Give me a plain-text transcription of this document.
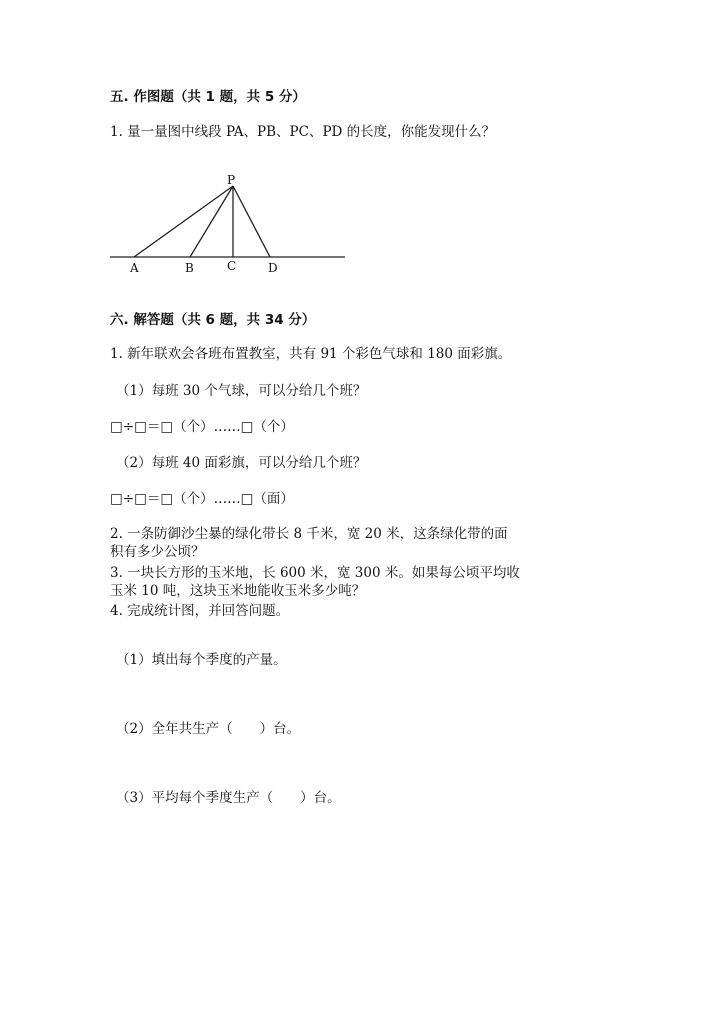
五. 作图题（共 1 题，共 5 分）
1. 量一量图中线段 PA、PB、PC、PD 的长度，你能发现什么？
P
A	B	C	D
六. 解答题（共 6 题，共 34 分）
1. 新年联欢会各班布置教室，共有 91 个彩色气球和 180 面彩旗。
（1）每班 30 个气球，可以分给几个班？
□÷□＝□（个）……□（个）
（2）每班 40 面彩旗，可以分给几个班？
□÷□＝□（个）……□（面）
2. 一条防御沙尘暴的绿化带长 8 千米，宽 20 米，这条绿化带的面积有多少公顷？
3. 一块长方形的玉米地，长 600 米，宽 300 米。如果每公顷平均收玉米 10 吨，这块玉米地能收玉米多少吨？
4. 完成统计图，并回答问题。
（1）填出每个季度的产量。
（2）全年共生产（　　）台。
（3）平均每个季度生产（　　）台。
